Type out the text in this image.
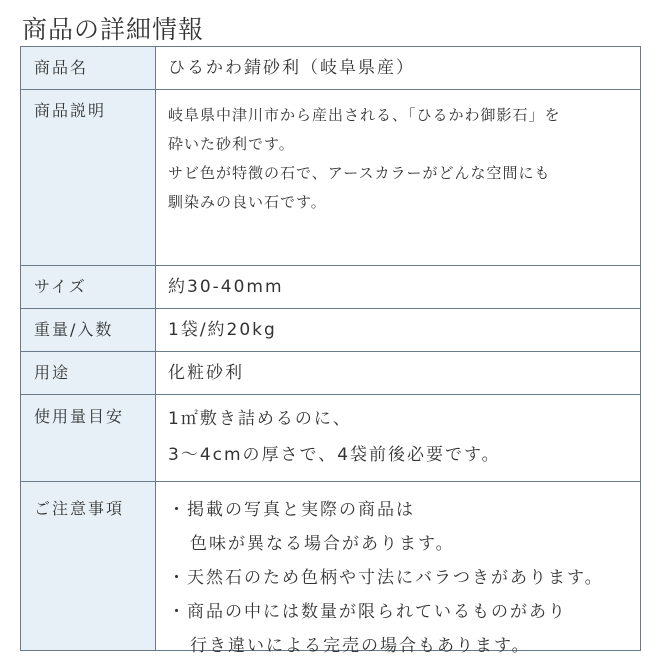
商品の詳細情報
商品名	ひるかわ錆砂利（岐阜県産）
商品説明	岐阜県中津川市から産出される、「ひるかわ御影石」を
砕いた砂利です。
サビ色が特徴の石で、アースカラーがどんな空間にも
馴染みの良い石です。
サイズ	約30-40mm
重量/入数	1袋/約20kg
用途	化粧砂利
使用量目安	1㎡敷き詰めるのに、
3～4cmの厚さで、4袋前後必要です。
ご注意事項	・掲載の写真と実際の商品は
色味が異なる場合があります。
・天然石のため色柄や寸法にバラつきがあります。
・商品の中には数量が限られているものがあり
行き違いによる完売の場合もあります。
